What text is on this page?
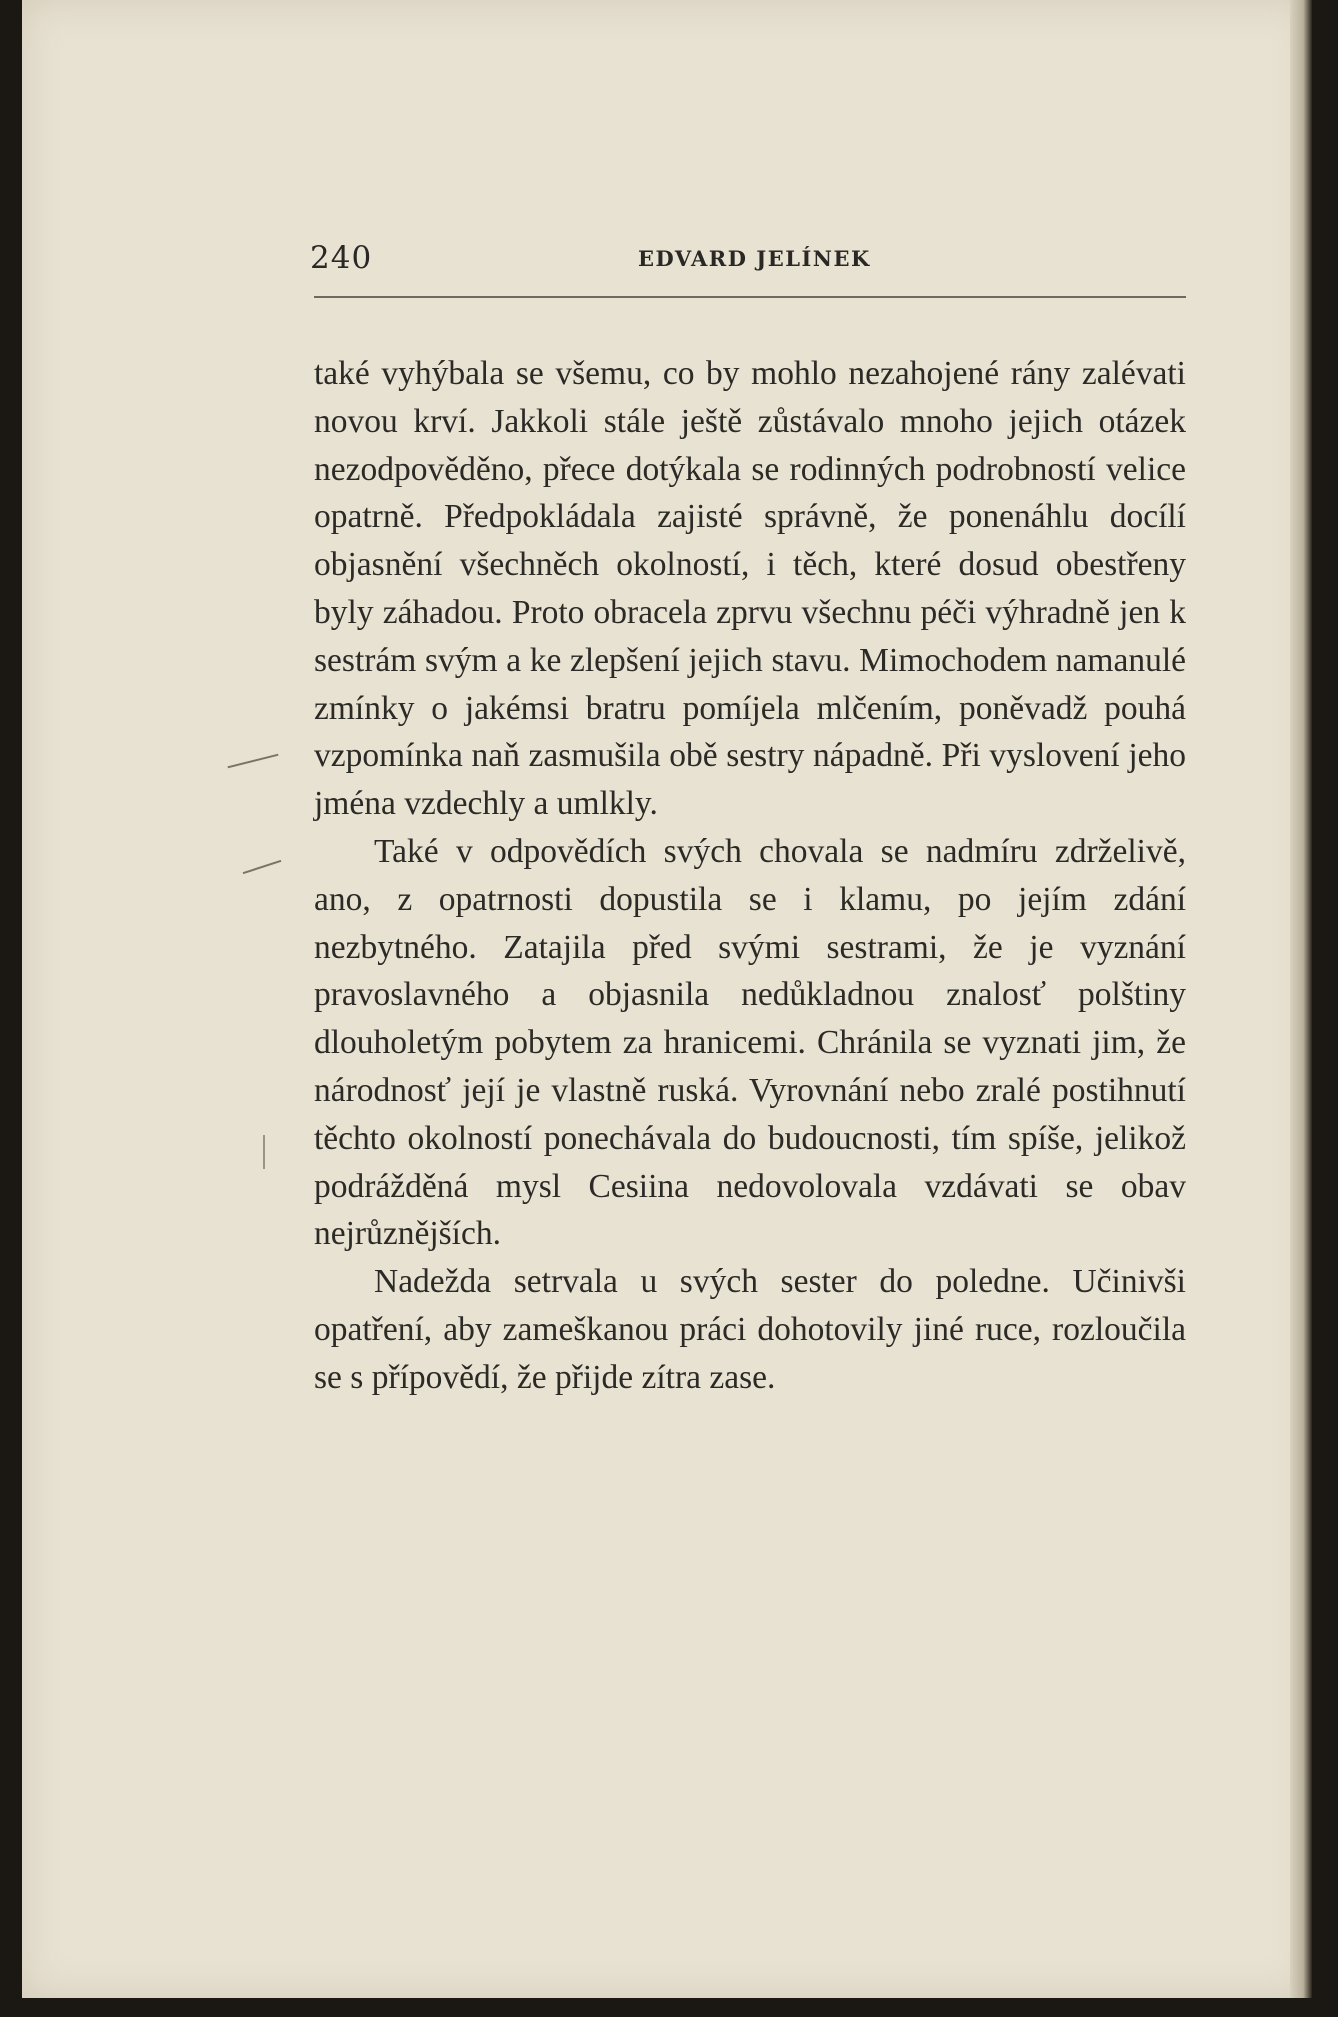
240	EDVARD JELÍNEK

také vyhýbala se všemu, co by mohlo nezahojené rány zalévati novou krví. Jakkoli stále ještě zůstávalo mnoho jejich otázek nezodpověděno, přece dotýkala se rodinných podrobností velice opatrně. Předpokládala zajisté správně, že ponenáhlu docílí objasnění všechněch okolností, i těch, které dosud obestřeny byly záhadou. Proto obracela zprvu všechnu péči výhradně jen k sestrám svým a ke zlepšení jejich stavu. Mimochodem namanulé zmínky o jakémsi bratru pomíjela mlčením, poněvadž pouhá vzpomínka naň zasmušila obě sestry nápadně. Při vyslovení jeho jména vzdechly a umlkly.

Také v odpovědích svých chovala se nadmíru zdrželivě, ano, z opatrnosti dopustila se i klamu, po jejím zdání nezbytného. Zatajila před svými sestrami, že je vyznání pravoslavného a objasnila nedůkladnou znalosť polštiny dlouholetým pobytem za hranicemi. Chránila se vyznati jim, že národnosť její je vlastně ruská. Vyrovnání nebo zralé postihnutí těchto okolností ponechávala do budoucnosti, tím spíše, jelikož podrážděná mysl Cesiina nedovolovala vzdávati se obav nejrůznějších.

Nadežda setrvala u svých sester do poledne. Učinivši opatření, aby zameškanou práci dohotovily jiné ruce, rozloučila se s přípovědí, že přijde zítra zase.
